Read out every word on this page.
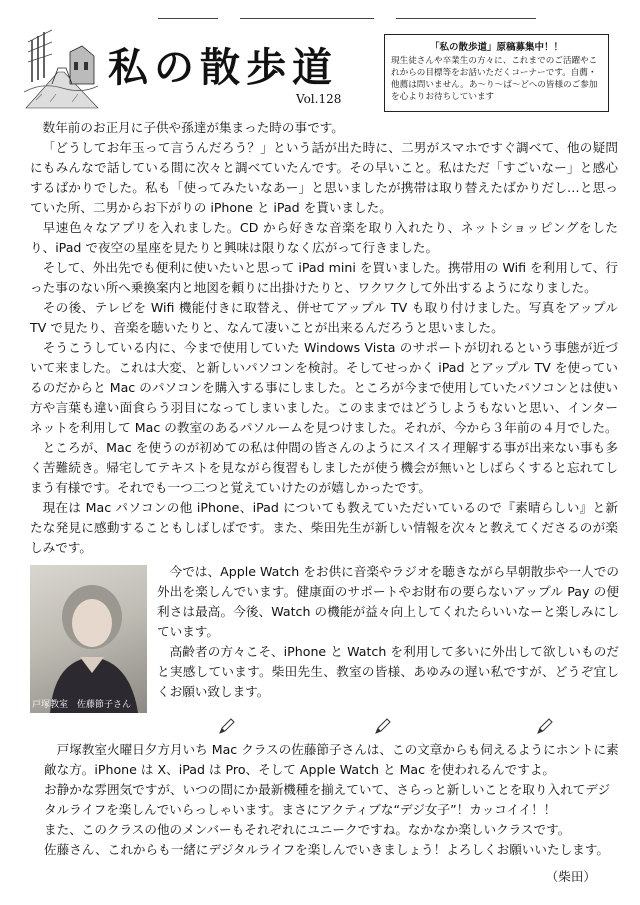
私の散歩道
Vol.128
「私の散歩道」原稿募集中！！
現生徒さんや卒業生の方々に、これまでのご活躍やこれからの目標等をお話いただくコーナーです。自薦・他薦は問いません。あ〜り〜ば〜どへの皆様のご参加を心よりお待ちしています

数年前のお正月に子供や孫達が集まった時の事です。

「どうしてお年玉って言うんだろう？」という話が出た時に、二男がスマホですぐ調べて、他の疑問にもみんなで話している間に次々と調べていたんです。その早いこと。私はただ「すごいなー」と感心するばかりでした。私も「使ってみたいなあー」と思いましたが携帯は取り替えたばかりだし…と思っていた所、二男からお下がりの iPhone と iPad を貰いました。

早速色々なアプリを入れました。CD から好きな音楽を取り入れたり、ネットショッピングをしたり、iPad で夜空の星座を見たりと興味は限りなく広がって行きました。

そして、外出先でも便利に使いたいと思って iPad mini を買いました。携帯用の Wifi を利用して、行った事のない所へ乗換案内と地図を頼りに出掛けたりと、ワクワクして外出するようになりました。

その後、テレビを Wifi 機能付きに取替え、併せてアップル TV も取り付けました。写真をアップル TV で見たり、音楽を聴いたりと、なんて凄いことが出来るんだろうと思いました。

そうこうしている内に、今まで使用していた Windows Vista のサポートが切れるという事態が近づいて来ました。これは大変、と新しいパソコンを検討。そしてせっかく iPad とアップル TV を使っているのだからと Mac のパソコンを購入する事にしました。ところが今まで使用していたパソコンとは使い方や言葉も違い面食らう羽目になってしまいました。このままではどうしようもないと思い、インターネットを利用して Mac の教室のあるパソルームを見つけました。それが、今から３年前の４月でした。

ところが、Mac を使うのが初めての私は仲間の皆さんのようにスイスイ理解する事が出来ない事も多く苦難続き。帰宅してテキストを見ながら復習もしましたが使う機会が無いとしばらくすると忘れてしまう有様です。それでも一つ二つと覚えていけたのが嬉しかったです。

現在は Mac パソコンの他 iPhone、iPad についても教えていただいているので『素晴らしい』と新たな発見に感動することもしばしばです。また、柴田先生が新しい情報を次々と教えてくださるのが楽しみです。

戸塚教室　佐藤節子さん

今では、Apple Watch をお供に音楽やラジオを聴きながら早朝散歩や一人での外出を楽しんでいます。健康面のサポートやお財布の要らないアップル Pay の便利さは最高。今後、Watch の機能が益々向上してくれたらいいなーと楽しみにしています。

高齢者の方々こそ、iPhone と Watch を利用して多いに外出して欲しいものだと実感しています。柴田先生、教室の皆様、あゆみの遅い私ですが、どうぞ宜しくお願い致します。

　戸塚教室火曜日夕方月いち Mac クラスの佐藤節子さんは、この文章からも伺えるようにホントに素敵な方。iPhone は X、iPad は Pro、そして Apple Watch と Mac を使われるんですよ。

お静かな雰囲気ですが、いつの間にか最新機種を揃えていて、さらっと新しいことを取り入れてデジタルライフを楽しんでいらっしゃいます。まさにアクティブな“デジ女子”！カッコイイ！！

また、このクラスの他のメンバーもそれぞれにユニークですね。なかなか楽しいクラスです。

佐藤さん、これからも一緒にデジタルライフを楽しんでいきましょう！よろしくお願いいたします。

（柴田）
